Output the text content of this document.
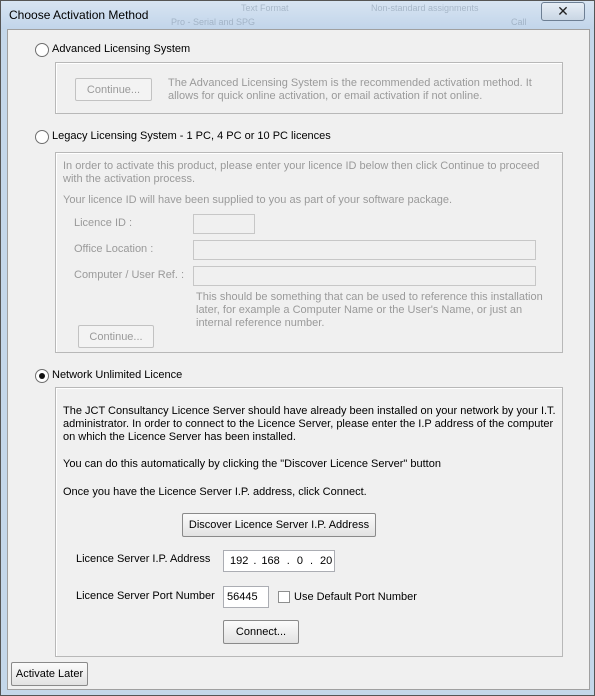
Text Format	Non-standard assignments
Pro - Serial and SPG	Call
Choose Activation Method	✕
Advanced Licensing System
Continue...
The Advanced Licensing System is the recommended activation method. It allows for quick online activation, or email activation if not online.
Legacy Licensing System - 1 PC, 4 PC or 10 PC licences
In order to activate this product, please enter your licence ID below then click Continue to proceed with the activation process.
Your licence ID will have been supplied to you as part of your software package.
Licence ID :
Office Location :
Computer / User Ref. :
This should be something that can be used to reference this installation later, for example a Computer Name or the User's Name, or just an internal reference number.
Continue...
Network Unlimited Licence
The JCT Consultancy Licence Server should have already been installed on your network by your I.T. administrator. In order to connect to the Licence Server, please enter the I.P address of the computer on which the Licence Server has been installed.
You can do this automatically by clicking the "Discover Licence Server" button
Once you have the Licence Server I.P. address, click Connect.
Discover Licence Server I.P. Address
Licence Server I.P. Address 192 . 168 . 0 . 20
Licence Server Port Number	56445	Use Default Port Number
Connect...
Activate Later
